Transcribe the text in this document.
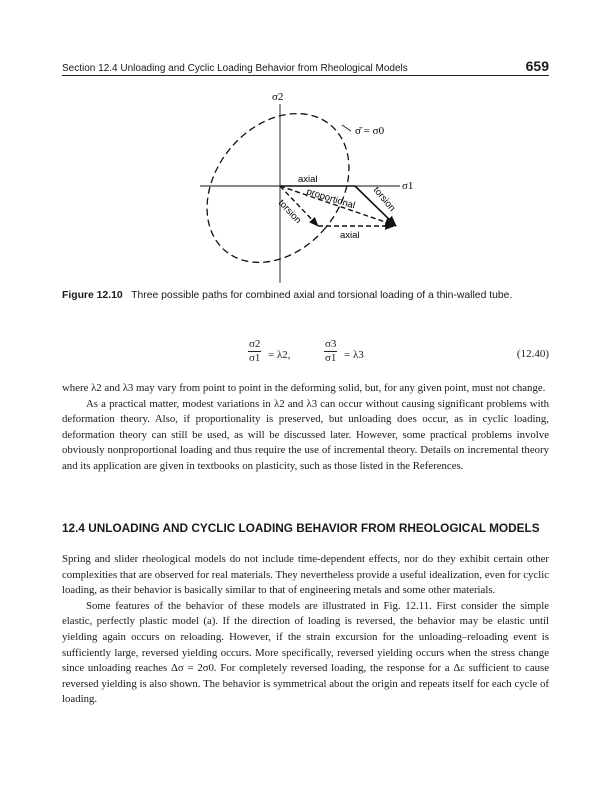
Section 12.4 Unloading and Cyclic Loading Behavior from Rheological Models	659
σ2
σ1
σ̄ = σ0
axial
proportional
torsion	torsion
axial
Figure 12.10 Three possible paths for combined axial and torsional loading of a thin-walled tube.
$\frac{\sigma 2}{\sigma 1} = \lambda 2$,	$\frac{\sigma 3}{\sigma 1} = \lambda 3$	(12.40)

where λ2 and λ3 may vary from point to point in the deforming solid, but, for any given point, must not change.

As a practical matter, modest variations in λ2 and λ3 can occur without causing significant problems with deformation theory. Also, if proportionality is preserved, but unloading does occur, as in cyclic loading, deformation theory can still be used, as will be discussed later. However, some practical problems involve obviously nonproportional loading and thus require the use of incremental theory. Details on incremental theory and its application are given in textbooks on plasticity, such as those listed in the References.

12.4 UNLOADING AND CYCLIC LOADING BEHAVIOR FROM RHEOLOGICAL MODELS

Spring and slider rheological models do not include time-dependent effects, nor do they exhibit certain other complexities that are observed for real materials. They nevertheless provide a useful idealization, even for cyclic loading, as their behavior is basically similar to that of engineering metals and some other materials.

Some features of the behavior of these models are illustrated in Fig. 12.11. First consider the simple elastic, perfectly plastic model (a). If the direction of loading is reversed, the behavior may be elastic until yielding again occurs on reloading. However, if the strain excursion for the unloading–reloading event is sufficiently large, reversed yielding occurs. More specifically, reversed yielding occurs when the stress change since unloading reaches Δσ = 2σ0. For completely reversed loading, the response for a Δε sufficient to cause reversed yielding is also shown. The behavior is symmetrical about the origin and repeats itself for each cycle of loading.
